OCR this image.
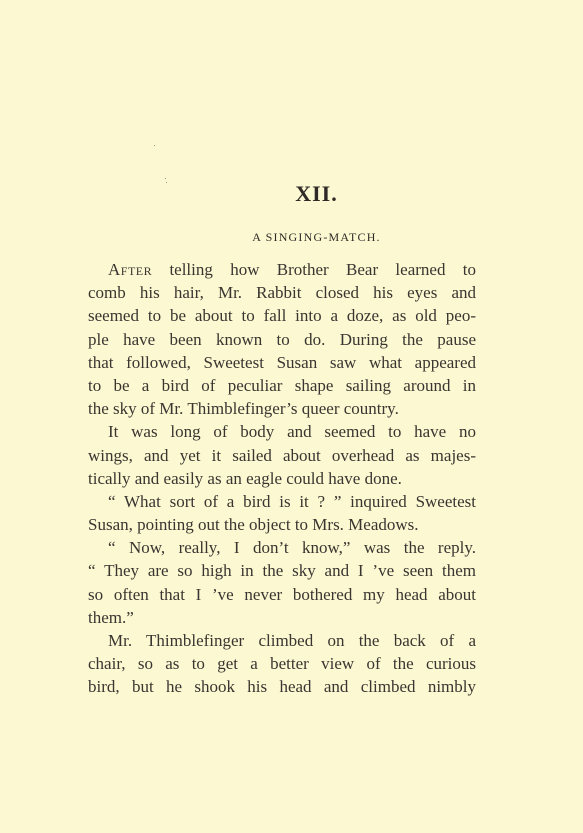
XII.
A SINGING-MATCH.
After telling how Brother Bear learned to
comb his hair, Mr. Rabbit closed his eyes and
seemed to be about to fall into a doze, as old peo-
ple have been known to do. During the pause
that followed, Sweetest Susan saw what appeared
to be a bird of peculiar shape sailing around in
the sky of Mr. Thimblefinger’s queer country.
It was long of body and seemed to have no
wings, and yet it sailed about overhead as majes-
tically and easily as an eagle could have done.
“ What sort of a bird is it ? ” inquired Sweetest
Susan, pointing out the object to Mrs. Meadows.
“ Now, really, I don’t know,” was the reply.
“ They are so high in the sky and I ’ve seen them
so often that I ’ve never bothered my head about
them.”
Mr. Thimblefinger climbed on the back of a
chair, so as to get a better view of the curious
bird, but he shook his head and climbed nimbly
